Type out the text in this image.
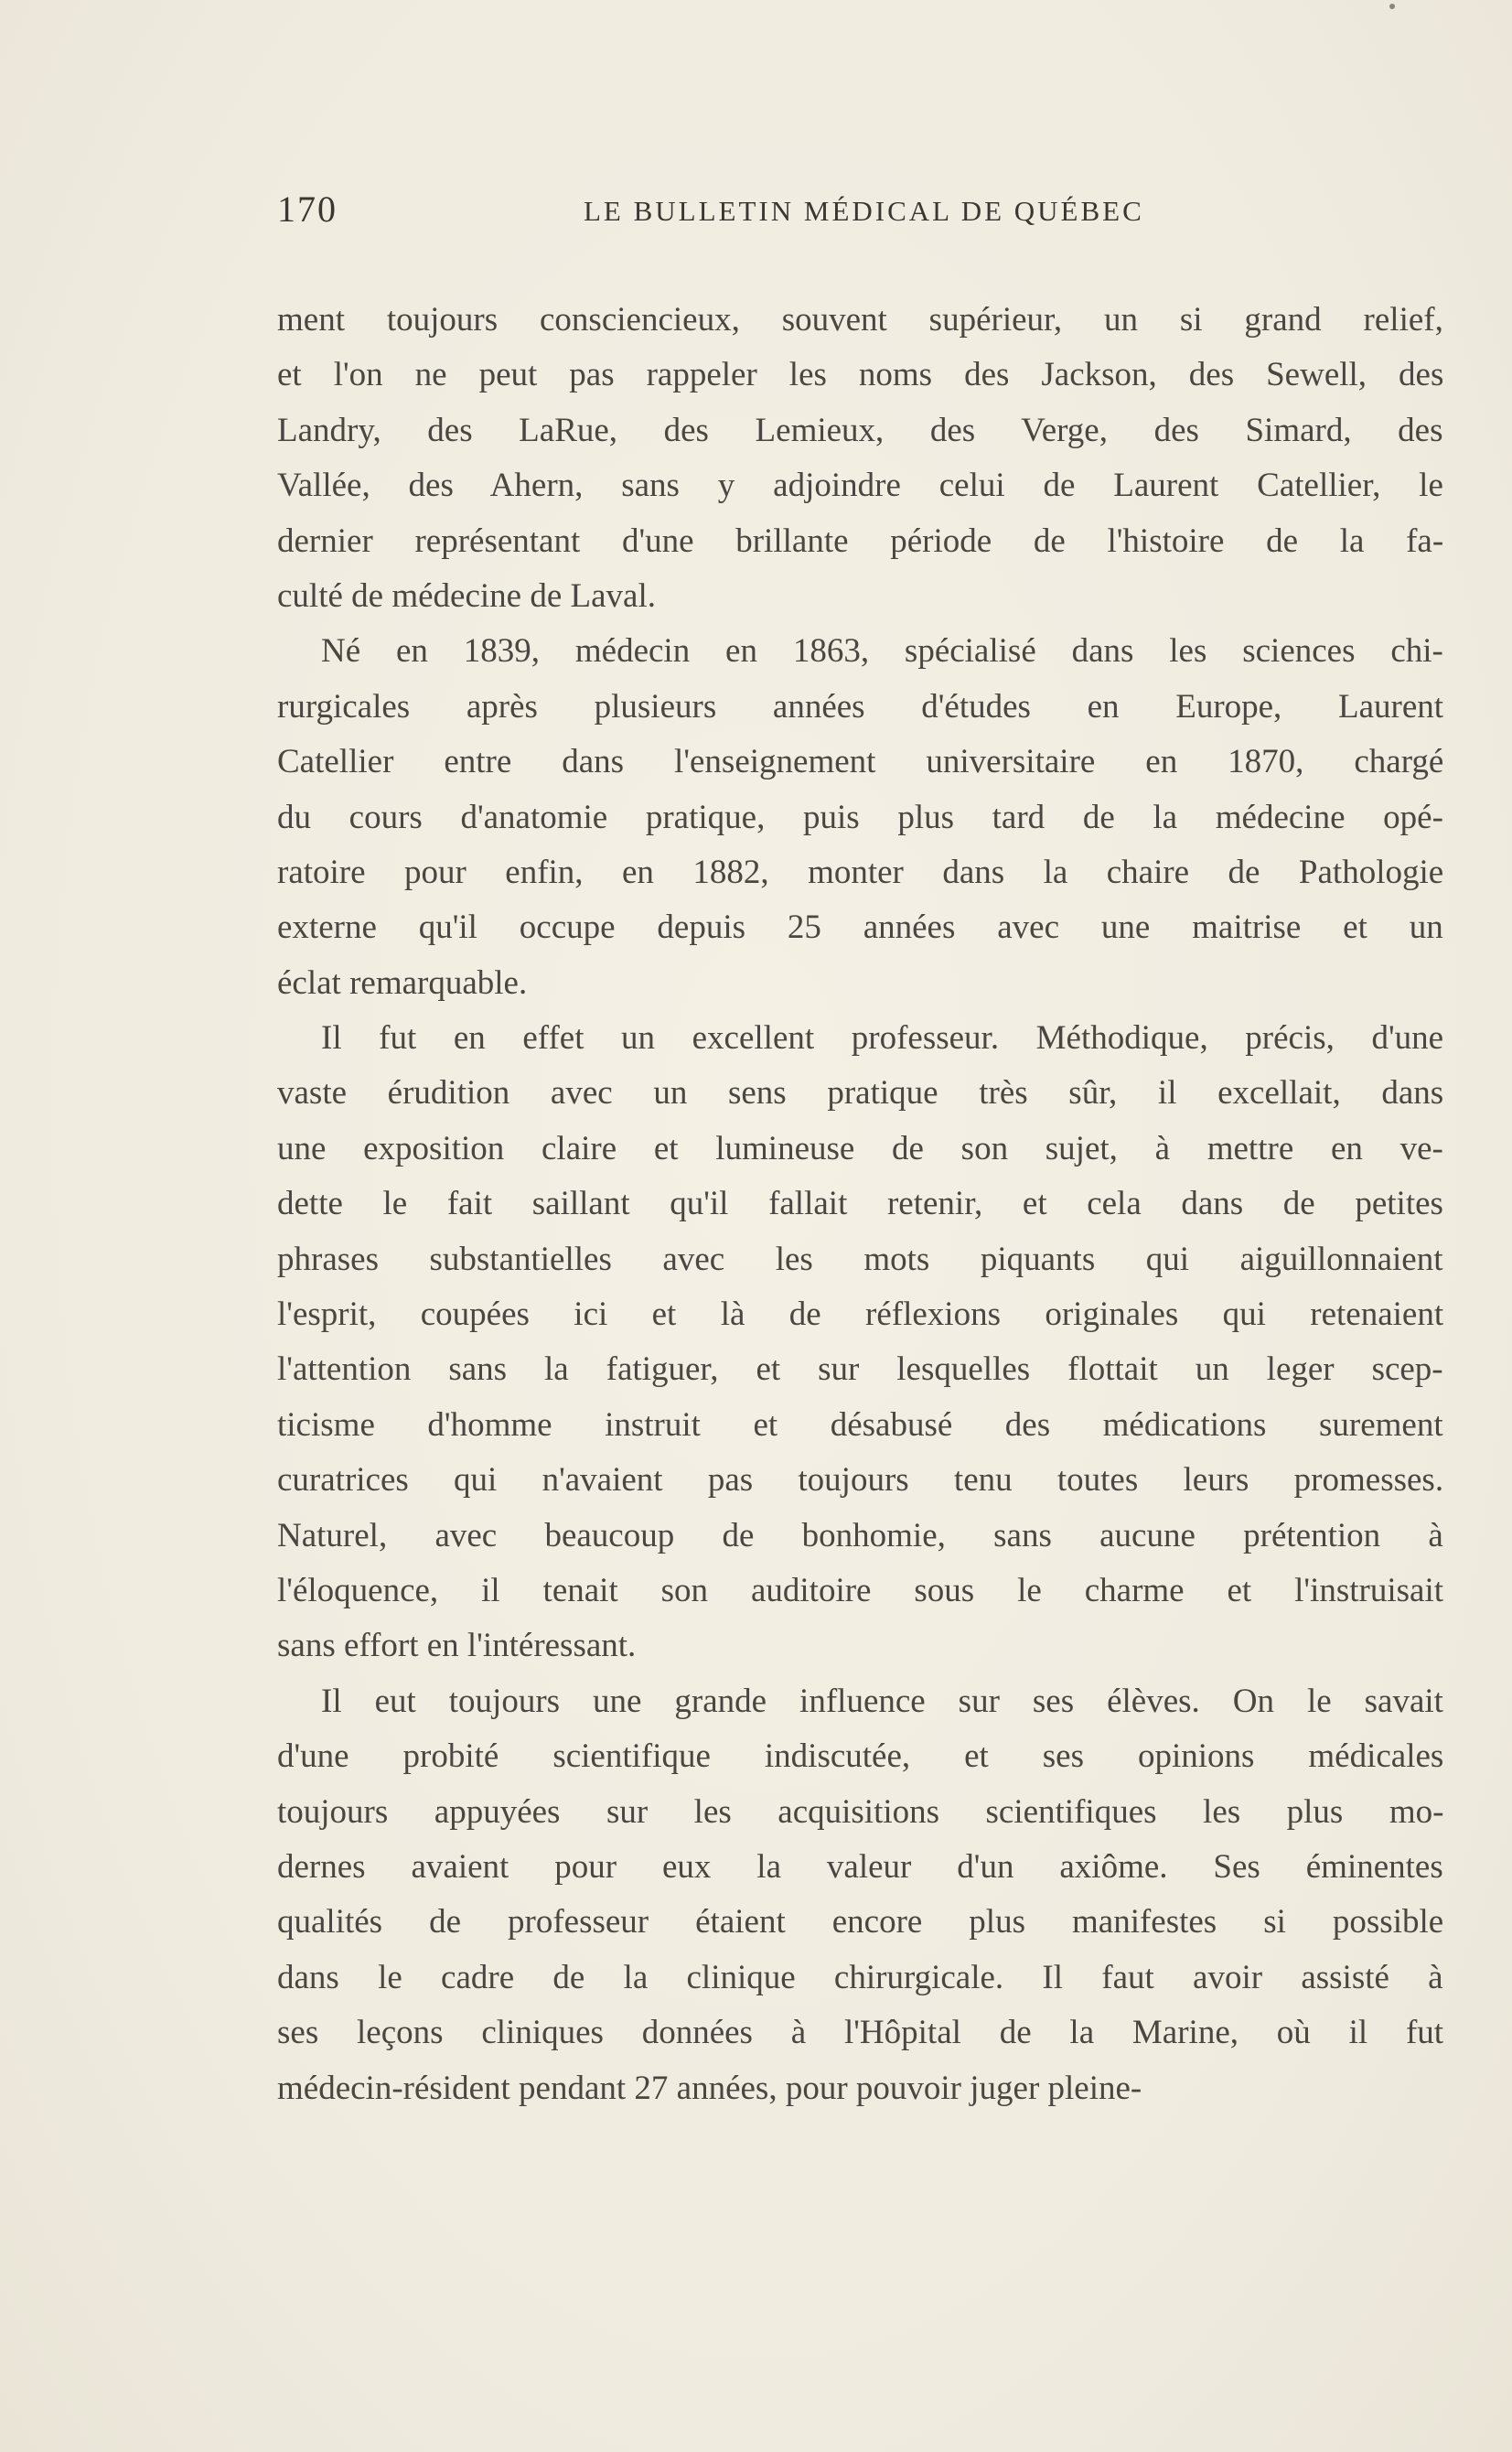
170	LE BULLETIN MÉDICAL DE QUÉBEC
ment toujours consciencieux, souvent supérieur, un si grand relief,
et l'on ne peut pas rappeler les noms des Jackson, des Sewell, des
Landry, des LaRue, des Lemieux, des Verge, des Simard, des
Vallée, des Ahern, sans y adjoindre celui de Laurent Catellier, le
dernier représentant d'une brillante période de l'histoire de la fa-
culté de médecine de Laval.
Né en 1839, médecin en 1863, spécialisé dans les sciences chi-
rurgicales après plusieurs années d'études en Europe, Laurent
Catellier entre dans l'enseignement universitaire en 1870, chargé
du cours d'anatomie pratique, puis plus tard de la médecine opé-
ratoire pour enfin, en 1882, monter dans la chaire de Pathologie
externe qu'il occupe depuis 25 années avec une maitrise et un
éclat remarquable.
Il fut en effet un excellent professeur. Méthodique, précis, d'une
vaste érudition avec un sens pratique très sûr, il excellait, dans
une exposition claire et lumineuse de son sujet, à mettre en ve-
dette le fait saillant qu'il fallait retenir, et cela dans de petites
phrases substantielles avec les mots piquants qui aiguillonnaient
l'esprit, coupées ici et là de réflexions originales qui retenaient
l'attention sans la fatiguer, et sur lesquelles flottait un leger scep-
ticisme d'homme instruit et désabusé des médications surement
curatrices qui n'avaient pas toujours tenu toutes leurs promesses.
Naturel, avec beaucoup de bonhomie, sans aucune prétention à
l'éloquence, il tenait son auditoire sous le charme et l'instruisait
sans effort en l'intéressant.
Il eut toujours une grande influence sur ses élèves. On le savait
d'une probité scientifique indiscutée, et ses opinions médicales
toujours appuyées sur les acquisitions scientifiques les plus mo-
dernes avaient pour eux la valeur d'un axiôme. Ses éminentes
qualités de professeur étaient encore plus manifestes si possible
dans le cadre de la clinique chirurgicale. Il faut avoir assisté à
ses leçons cliniques données à l'Hôpital de la Marine, où il fut
médecin-résident pendant 27 années, pour pouvoir juger pleine-
